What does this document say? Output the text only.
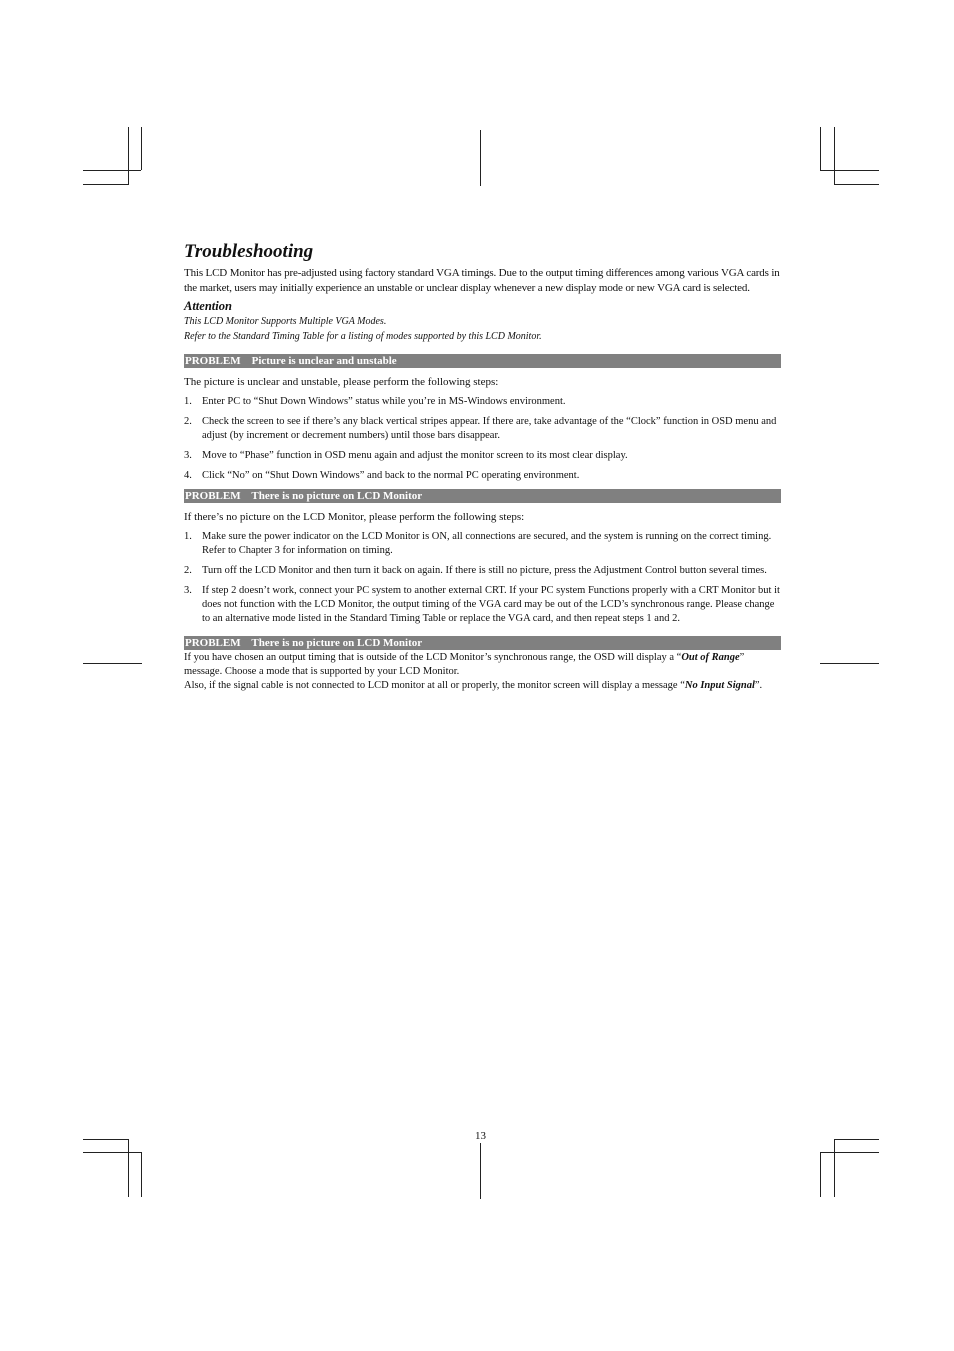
Troubleshooting

This LCD Monitor has pre-adjusted using factory standard VGA timings. Due to the output timing differences among various VGA cards in the market, users may initially experience an unstable or unclear display whenever a new display mode or new VGA card is selected.

Attention

This LCD Monitor Supports Multiple VGA Modes.

Refer to the Standard Timing Table for a listing of modes supported by this LCD Monitor.

PROBLEM    Picture is unclear and unstable

The picture is unclear and unstable, please perform the following steps:

1. Enter PC to “Shut Down Windows” status while you’re in MS-Windows environment.
2. Check the screen to see if there’s any black vertical stripes appear. If there are, take advantage of the “Clock” function in OSD menu and adjust (by increment or decrement numbers) until those bars disappear.
3. Move to “Phase” function in OSD menu again and adjust the monitor screen to its most clear display.
4. Click “No” on “Shut Down Windows” and back to the normal PC operating environment.
PROBLEM    There is no picture on LCD Monitor

If there’s no picture on the LCD Monitor, please perform the following steps:

1. Make sure the power indicator on the LCD Monitor is ON, all connections are secured, and the system is running on the correct timing. Refer to Chapter 3 for information on timing.
2. Turn off the LCD Monitor and then turn it back on again. If there is still no picture, press the Adjustment Control button several times.
3. If step 2 doesn’t work, connect your PC system to another external CRT. If your PC system Functions properly with a CRT Monitor but it does not function with the LCD Monitor, the output timing of the VGA card may be out of the LCD’s synchronous range. Please change to an alternative mode listed in the Standard Timing Table or replace the VGA card, and then repeat steps 1 and 2.
PROBLEM    There is no picture on LCD Monitor

If you have chosen an output timing that is outside of the LCD Monitor’s synchronous range, the OSD will display a “Out of Range” message. Choose a mode that is supported by your LCD Monitor.

Also, if the signal cable is not connected to LCD monitor at all or properly, the monitor screen will display a message “No Input Signal”.

13
